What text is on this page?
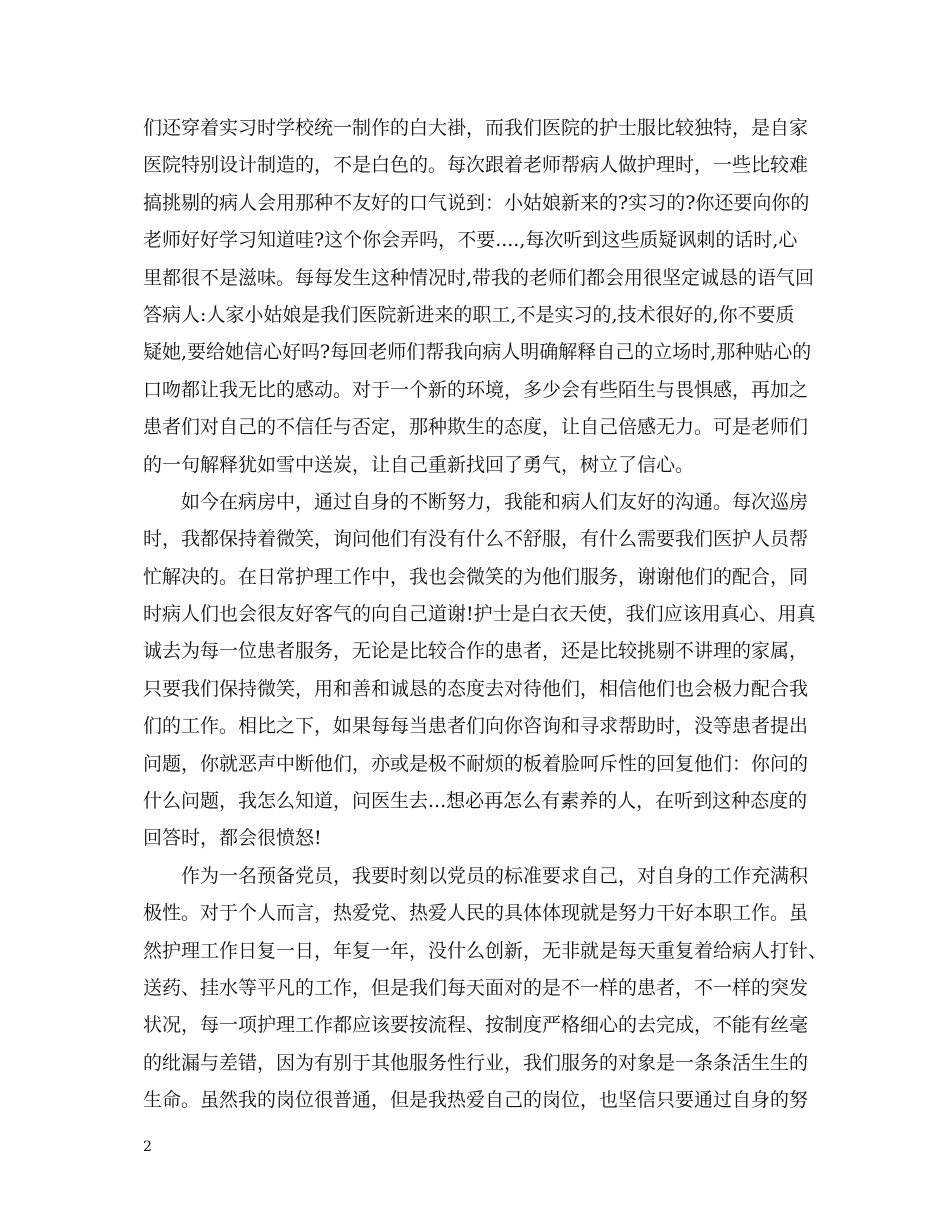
们还穿着实习时学校统一制作的白大褂，而我们医院的护士服比较独特，是自家
医院特别设计制造的，不是白色的。每次跟着老师帮病人做护理时，一些比较难
搞挑剔的病人会用那种不友好的口气说到：小姑娘新来的?实习的?你还要向你的
老师好好学习知道哇?这个你会弄吗，不要....,每次听到这些质疑讽刺的话时,心
里都很不是滋味。每每发生这种情况时,带我的老师们都会用很坚定诚恳的语气回
答病人:人家小姑娘是我们医院新进来的职工,不是实习的,技术很好的,你不要质
疑她,要给她信心好吗?每回老师们帮我向病人明确解释自己的立场时,那种贴心的
口吻都让我无比的感动。对于一个新的环境，多少会有些陌生与畏惧感，再加之
患者们对自己的不信任与否定，那种欺生的态度，让自己倍感无力。可是老师们
的一句解释犹如雪中送炭，让自己重新找回了勇气，树立了信心。
如今在病房中，通过自身的不断努力，我能和病人们友好的沟通。每次巡房
时，我都保持着微笑，询问他们有没有什么不舒服，有什么需要我们医护人员帮
忙解决的。在日常护理工作中，我也会微笑的为他们服务，谢谢他们的配合，同
时病人们也会很友好客气的向自己道谢!护士是白衣天使，我们应该用真心、用真
诚去为每一位患者服务，无论是比较合作的患者，还是比较挑剔不讲理的家属，
只要我们保持微笑，用和善和诚恳的态度去对待他们，相信他们也会极力配合我
们的工作。相比之下，如果每每当患者们向你咨询和寻求帮助时，没等患者提出
问题，你就恶声中断他们，亦或是极不耐烦的板着脸呵斥性的回复他们：你问的
什么问题，我怎么知道，问医生去...想必再怎么有素养的人，在听到这种态度的
回答时，都会很愤怒!
作为一名预备党员，我要时刻以党员的标准要求自己，对自身的工作充满积
极性。对于个人而言，热爱党、热爱人民的具体体现就是努力干好本职工作。虽
然护理工作日复一日，年复一年，没什么创新，无非就是每天重复着给病人打针、
送药、挂水等平凡的工作，但是我们每天面对的是不一样的患者，不一样的突发
状况，每一项护理工作都应该要按流程、按制度严格细心的去完成，不能有丝毫
的纰漏与差错，因为有别于其他服务性行业，我们服务的对象是一条条活生生的
生命。虽然我的岗位很普通，但是我热爱自己的岗位，也坚信只要通过自身的努
2
